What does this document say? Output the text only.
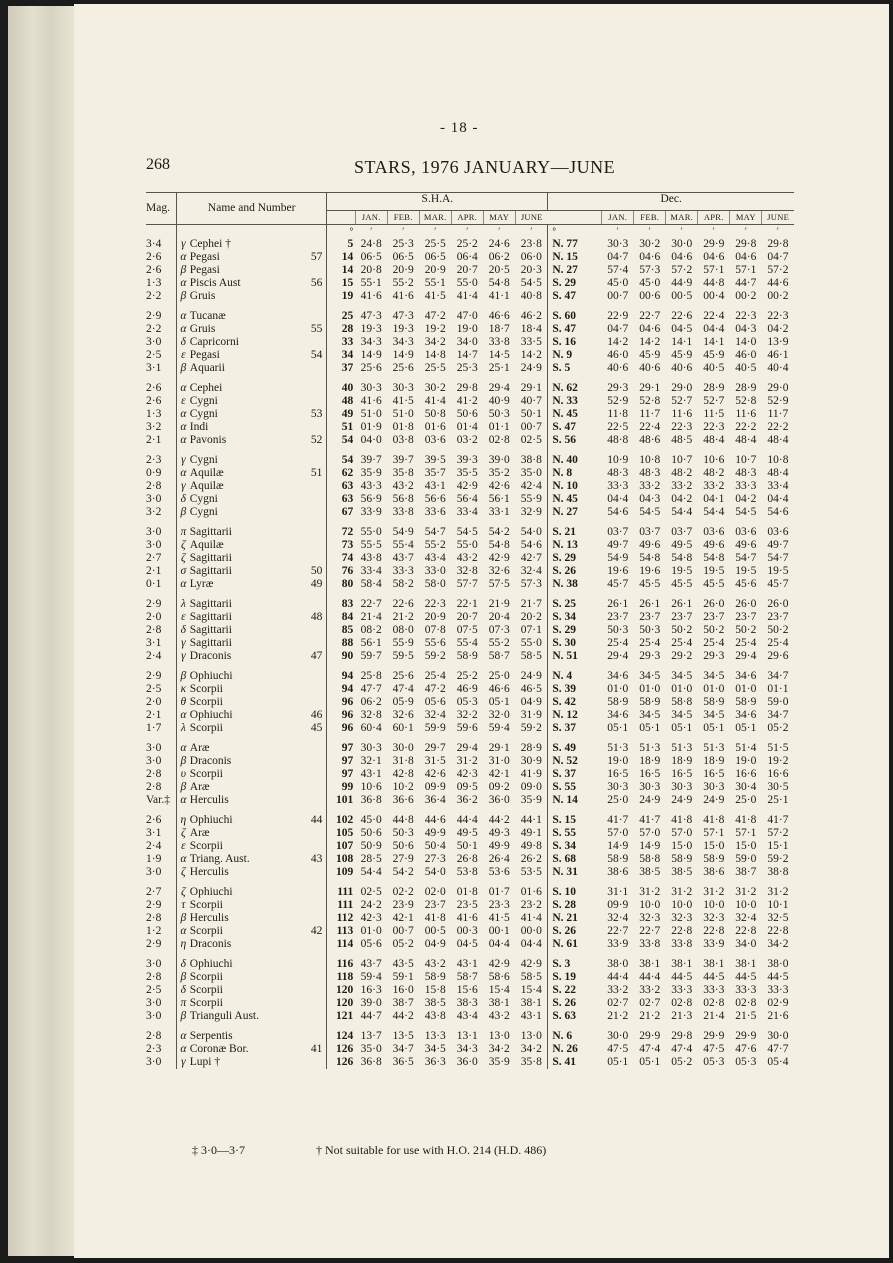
- 18 -
268	STARS, 1976 JANUARY—JUNE
Mag.	Name and Number			S.H.A.							Dec.						
					JAN.	FEB.	MAR.	APR.	MAY	JUNE		JAN.	FEB.	MAR.	APR.	MAY	JUNE
				°	′	′	′	′	′	′	°	′	′	′	′	′	′
3·4	γ	Cephei †		5	24·8	25·3	25·5	25·2	24·6	23·8	N. 77	30·3	30·2	30·0	29·9	29·8	29·8
2·6	α	Pegasi	57	14	06·5	06·5	06·5	06·4	06·2	06·0	N. 15	04·7	04·6	04·6	04·6	04·6	04·7
2·6	β	Pegasi		14	20·8	20·9	20·9	20·7	20·5	20·3	N. 27	57·4	57·3	57·2	57·1	57·1	57·2
1·3	α	Piscis Aust	56	15	55·1	55·2	55·1	55·0	54·8	54·5	S. 29	45·0	45·0	44·9	44·8	44·7	44·6
2·2	β	Gruis		19	41·6	41·6	41·5	41·4	41·1	40·8	S. 47	00·7	00·6	00·5	00·4	00·2	00·2

2·9	α	Tucanæ		25	47·3	47·3	47·2	47·0	46·6	46·2	S. 60	22·9	22·7	22·6	22·4	22·3	22·3
2·2	α	Gruis	55	28	19·3	19·3	19·2	19·0	18·7	18·4	S. 47	04·7	04·6	04·5	04·4	04·3	04·2
3·0	δ	Capricorni		33	34·3	34·3	34·2	34·0	33·8	33·5	S. 16	14·2	14·2	14·1	14·1	14·0	13·9
2·5	ε	Pegasi	54	34	14·9	14·9	14·8	14·7	14·5	14·2	N. 9	46·0	45·9	45·9	45·9	46·0	46·1
3·1	β	Aquarii		37	25·6	25·6	25·5	25·3	25·1	24·9	S. 5	40·6	40·6	40·6	40·5	40·5	40·4

2·6	α	Cephei		40	30·3	30·3	30·2	29·8	29·4	29·1	N. 62	29·3	29·1	29·0	28·9	28·9	29·0
2·6	ε	Cygni		48	41·6	41·5	41·4	41·2	40·9	40·7	N. 33	52·9	52·8	52·7	52·7	52·8	52·9
1·3	α	Cygni	53	49	51·0	51·0	50·8	50·6	50·3	50·1	N. 45	11·8	11·7	11·6	11·5	11·6	11·7
3·2	α	Indi		51	01·9	01·8	01·6	01·4	01·1	00·7	S. 47	22·5	22·4	22·3	22·3	22·2	22·2
2·1	α	Pavonis	52	54	04·0	03·8	03·6	03·2	02·8	02·5	S. 56	48·8	48·6	48·5	48·4	48·4	48·4

2·3	γ	Cygni		54	39·7	39·7	39·5	39·3	39·0	38·8	N. 40	10·9	10·8	10·7	10·6	10·7	10·8
0·9	α	Aquilæ	51	62	35·9	35·8	35·7	35·5	35·2	35·0	N. 8	48·3	48·3	48·2	48·2	48·3	48·4
2·8	γ	Aquilæ		63	43·3	43·2	43·1	42·9	42·6	42·4	N. 10	33·3	33·2	33·2	33·2	33·3	33·4
3·0	δ	Cygni		63	56·9	56·8	56·6	56·4	56·1	55·9	N. 45	04·4	04·3	04·2	04·1	04·2	04·4
3·2	β	Cygni		67	33·9	33·8	33·6	33·4	33·1	32·9	N. 27	54·6	54·5	54·4	54·4	54·5	54·6

3·0	π	Sagittarii		72	55·0	54·9	54·7	54·5	54·2	54·0	S. 21	03·7	03·7	03·7	03·6	03·6	03·6
3·0	ζ	Aquilæ		73	55·5	55·4	55·2	55·0	54·8	54·6	N. 13	49·7	49·6	49·5	49·6	49·6	49·7
2·7	ζ	Sagittarii		74	43·8	43·7	43·4	43·2	42·9	42·7	S. 29	54·9	54·8	54·8	54·8	54·7	54·7
2·1	σ	Sagittarii	50	76	33·4	33·3	33·0	32·8	32·6	32·4	S. 26	19·6	19·6	19·5	19·5	19·5	19·5
0·1	α	Lyræ	49	80	58·4	58·2	58·0	57·7	57·5	57·3	N. 38	45·7	45·5	45·5	45·5	45·6	45·7

2·9	λ	Sagittarii		83	22·7	22·6	22·3	22·1	21·9	21·7	S. 25	26·1	26·1	26·1	26·0	26·0	26·0
2·0	ε	Sagittarii	48	84	21·4	21·2	20·9	20·7	20·4	20·2	S. 34	23·7	23·7	23·7	23·7	23·7	23·7
2·8	δ	Sagittarii		85	08·2	08·0	07·8	07·5	07·3	07·1	S. 29	50·3	50·3	50·2	50·2	50·2	50·2
3·1	γ	Sagittarii		88	56·1	55·9	55·6	55·4	55·2	55·0	S. 30	25·4	25·4	25·4	25·4	25·4	25·4
2·4	γ	Draconis	47	90	59·7	59·5	59·2	58·9	58·7	58·5	N. 51	29·4	29·3	29·2	29·3	29·4	29·6

2·9	β	Ophiuchi		94	25·8	25·6	25·4	25·2	25·0	24·9	N. 4	34·6	34·5	34·5	34·5	34·6	34·7
2·5	κ	Scorpii		94	47·7	47·4	47·2	46·9	46·6	46·5	S. 39	01·0	01·0	01·0	01·0	01·0	01·1
2·0	θ	Scorpii		96	06·2	05·9	05·6	05·3	05·1	04·9	S. 42	58·9	58·9	58·8	58·9	58·9	59·0
2·1	α	Ophiuchi	46	96	32·8	32·6	32·4	32·2	32·0	31·9	N. 12	34·6	34·5	34·5	34·5	34·6	34·7
1·7	λ	Scorpii	45	96	60·4	60·1	59·9	59·6	59·4	59·2	S. 37	05·1	05·1	05·1	05·1	05·1	05·2

3·0	α	Aræ		97	30·3	30·0	29·7	29·4	29·1	28·9	S. 49	51·3	51·3	51·3	51·3	51·4	51·5
3·0	β	Draconis		97	32·1	31·8	31·5	31·2	31·0	30·9	N. 52	19·0	18·9	18·9	18·9	19·0	19·2
2·8	υ	Scorpii		97	43·1	42·8	42·6	42·3	42·1	41·9	S. 37	16·5	16·5	16·5	16·5	16·6	16·6
2·8	β	Aræ		99	10·6	10·2	09·9	09·5	09·2	09·0	S. 55	30·3	30·3	30·3	30·3	30·4	30·5
Var.‡	α	Herculis		101	36·8	36·6	36·4	36·2	36·0	35·9	N. 14	25·0	24·9	24·9	24·9	25·0	25·1

2·6	η	Ophiuchi	44	102	45·0	44·8	44·6	44·4	44·2	44·1	S. 15	41·7	41·7	41·8	41·8	41·8	41·7
3·1	ζ	Aræ		105	50·6	50·3	49·9	49·5	49·3	49·1	S. 55	57·0	57·0	57·0	57·1	57·1	57·2
2·4	ε	Scorpii		107	50·9	50·6	50·4	50·1	49·9	49·8	S. 34	14·9	14·9	15·0	15·0	15·0	15·1
1·9	α	Triang. Aust.	43	108	28·5	27·9	27·3	26·8	26·4	26·2	S. 68	58·9	58·8	58·9	58·9	59·0	59·2
3·0	ζ	Herculis		109	54·4	54·2	54·0	53·8	53·6	53·5	N. 31	38·6	38·5	38·5	38·6	38·7	38·8

2·7	ζ	Ophiuchi		111	02·5	02·2	02·0	01·8	01·7	01·6	S. 10	31·1	31·2	31·2	31·2	31·2	31·2
2·9	τ	Scorpii		111	24·2	23·9	23·7	23·5	23·3	23·2	S. 28	09·9	10·0	10·0	10·0	10·0	10·1
2·8	β	Herculis		112	42·3	42·1	41·8	41·6	41·5	41·4	N. 21	32·4	32·3	32·3	32·3	32·4	32·5
1·2	α	Scorpii	42	113	01·0	00·7	00·5	00·3	00·1	00·0	S. 26	22·7	22·7	22·8	22·8	22·8	22·8
2·9	η	Draconis		114	05·6	05·2	04·9	04·5	04·4	04·4	N. 61	33·9	33·8	33·8	33·9	34·0	34·2

3·0	δ	Ophiuchi		116	43·7	43·5	43·2	43·1	42·9	42·9	S. 3	38·0	38·1	38·1	38·1	38·1	38·0
2·8	β	Scorpii		118	59·4	59·1	58·9	58·7	58·6	58·5	S. 19	44·4	44·4	44·5	44·5	44·5	44·5
2·5	δ	Scorpii		120	16·3	16·0	15·8	15·6	15·4	15·4	S. 22	33·2	33·2	33·3	33·3	33·3	33·3
3·0	π	Scorpii		120	39·0	38·7	38·5	38·3	38·1	38·1	S. 26	02·7	02·7	02·8	02·8	02·8	02·9
3·0	β	Trianguli Aust.		121	44·7	44·2	43·8	43·4	43·2	43·1	S. 63	21·2	21·2	21·3	21·4	21·5	21·6

2·8	α	Serpentis		124	13·7	13·5	13·3	13·1	13·0	13·0	N. 6	30·0	29·9	29·8	29·9	29·9	30·0
2·3	α	Coronæ Bor.	41	126	35·0	34·7	34·5	34·3	34·2	34·2	N. 26	47·5	47·4	47·4	47·5	47·6	47·7
3·0	γ	Lupi †		126	36·8	36·5	36·3	36·0	35·9	35·8	S. 41	05·1	05·1	05·2	05·3	05·3	05·4
‡ 3·0—3·7	† Not suitable for use with H.O. 214 (H.D. 486)
